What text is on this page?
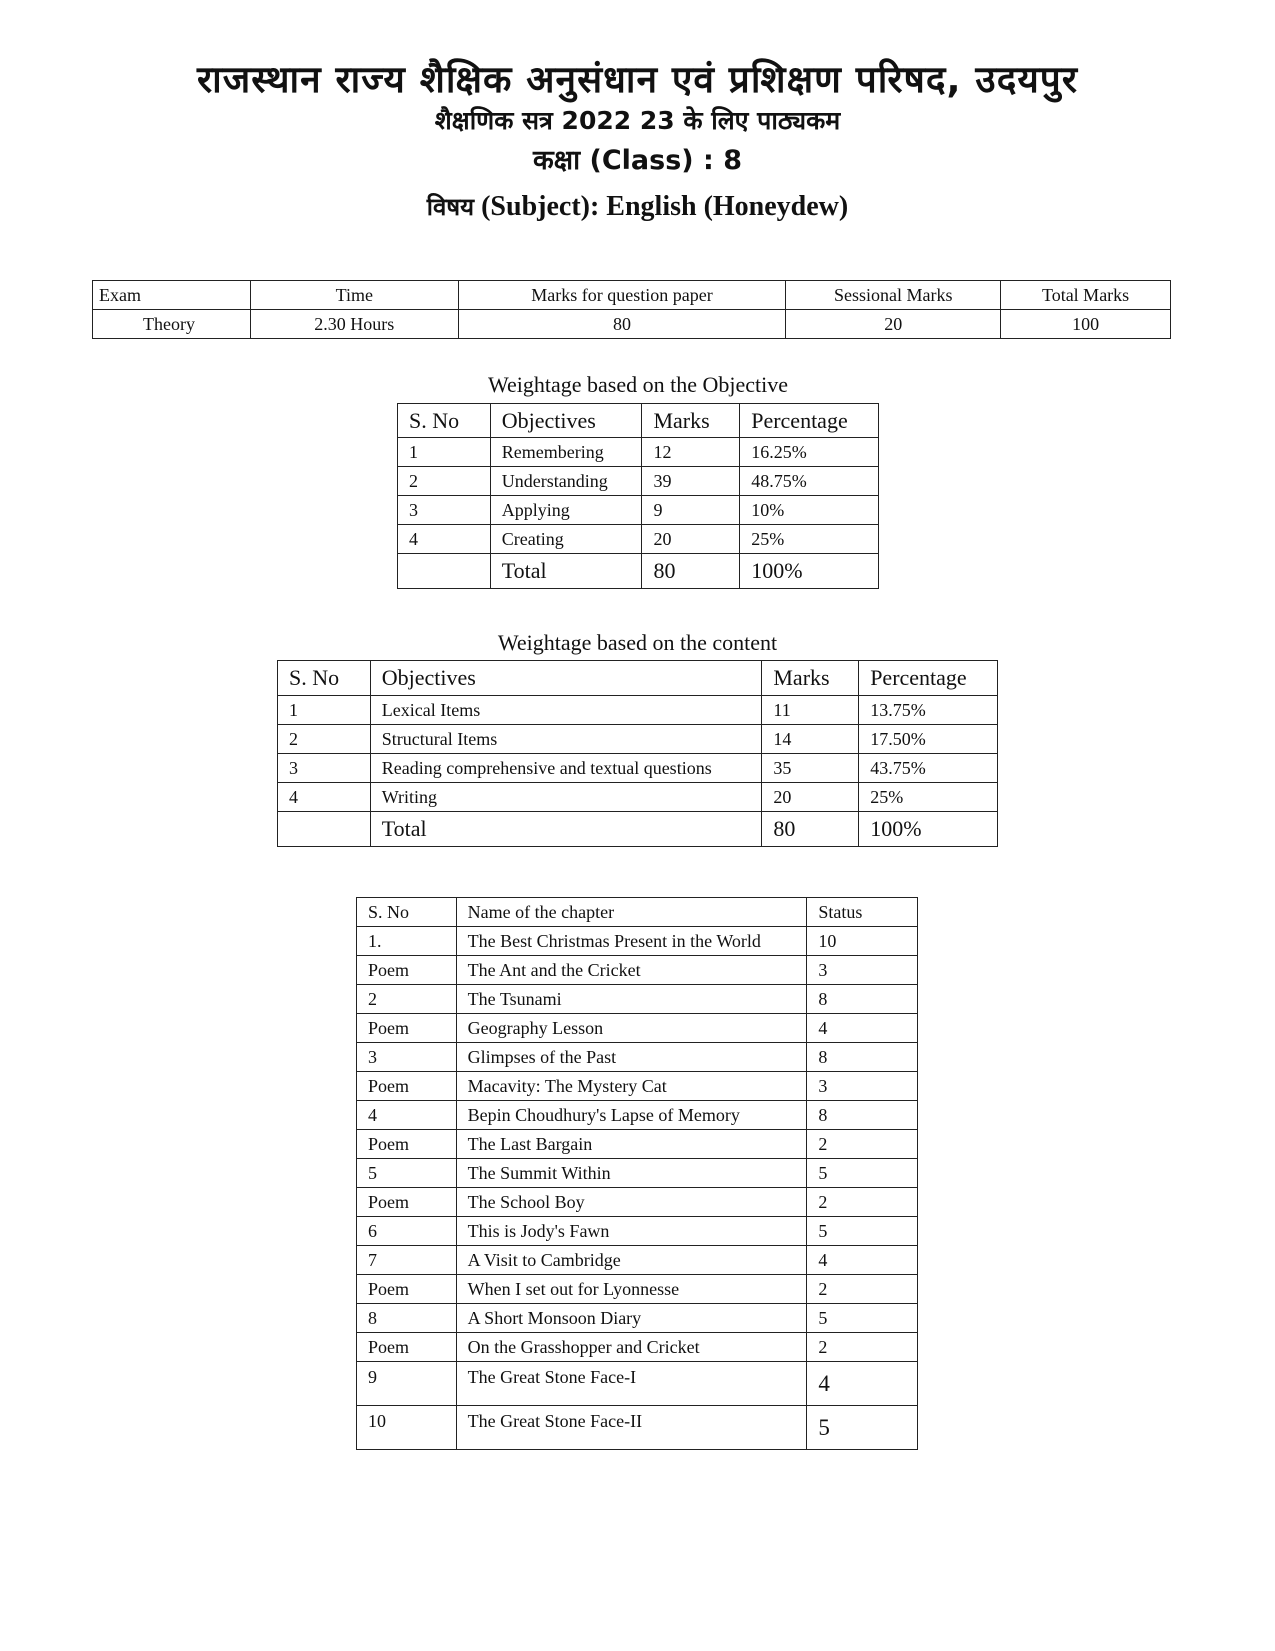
राजस्थान राज्य शैक्षिक अनुसंधान एवं प्रशिक्षण परिषद, उदयपुर
शैक्षणिक सत्र 2022 23 के लिए पाठ्यकम
कक्षा (Class) : 8
विषय (Subject): English (Honeydew)
Exam	Time	Marks for question paper	Sessional Marks	Total Marks
Theory	2.30 Hours	80	20	100
Weightage based on the Objective
S. No	Objectives	Marks	Percentage
1	Remembering	12	16.25%
2	Understanding	39	48.75%
3	Applying	9	10%
4	Creating	20	25%
	Total	80	100%
Weightage based on the content
S. No	Objectives	Marks	Percentage
1	Lexical Items	11	13.75%
2	Structural Items	14	17.50%
3	Reading comprehensive and textual questions	35	43.75%
4	Writing	20	25%
	Total	80	100%
S. No	Name of the chapter	Status
1.	The Best Christmas Present in the World	10
Poem	The Ant and the Cricket	3
2	The Tsunami	8
Poem	Geography Lesson	4
3	Glimpses of the Past	8
Poem	Macavity: The Mystery Cat	3
4	Bepin Choudhury's Lapse of Memory	8
Poem	The Last Bargain	2
5	The Summit Within	5
Poem	The School Boy	2
6	This is Jody's Fawn	5
7	A Visit to Cambridge	4
Poem	When I set out for Lyonnesse	2
8	A Short Monsoon Diary	5
Poem	On the Grasshopper and Cricket	2
9	The Great Stone Face-I	4
10	The Great Stone Face-II	5
